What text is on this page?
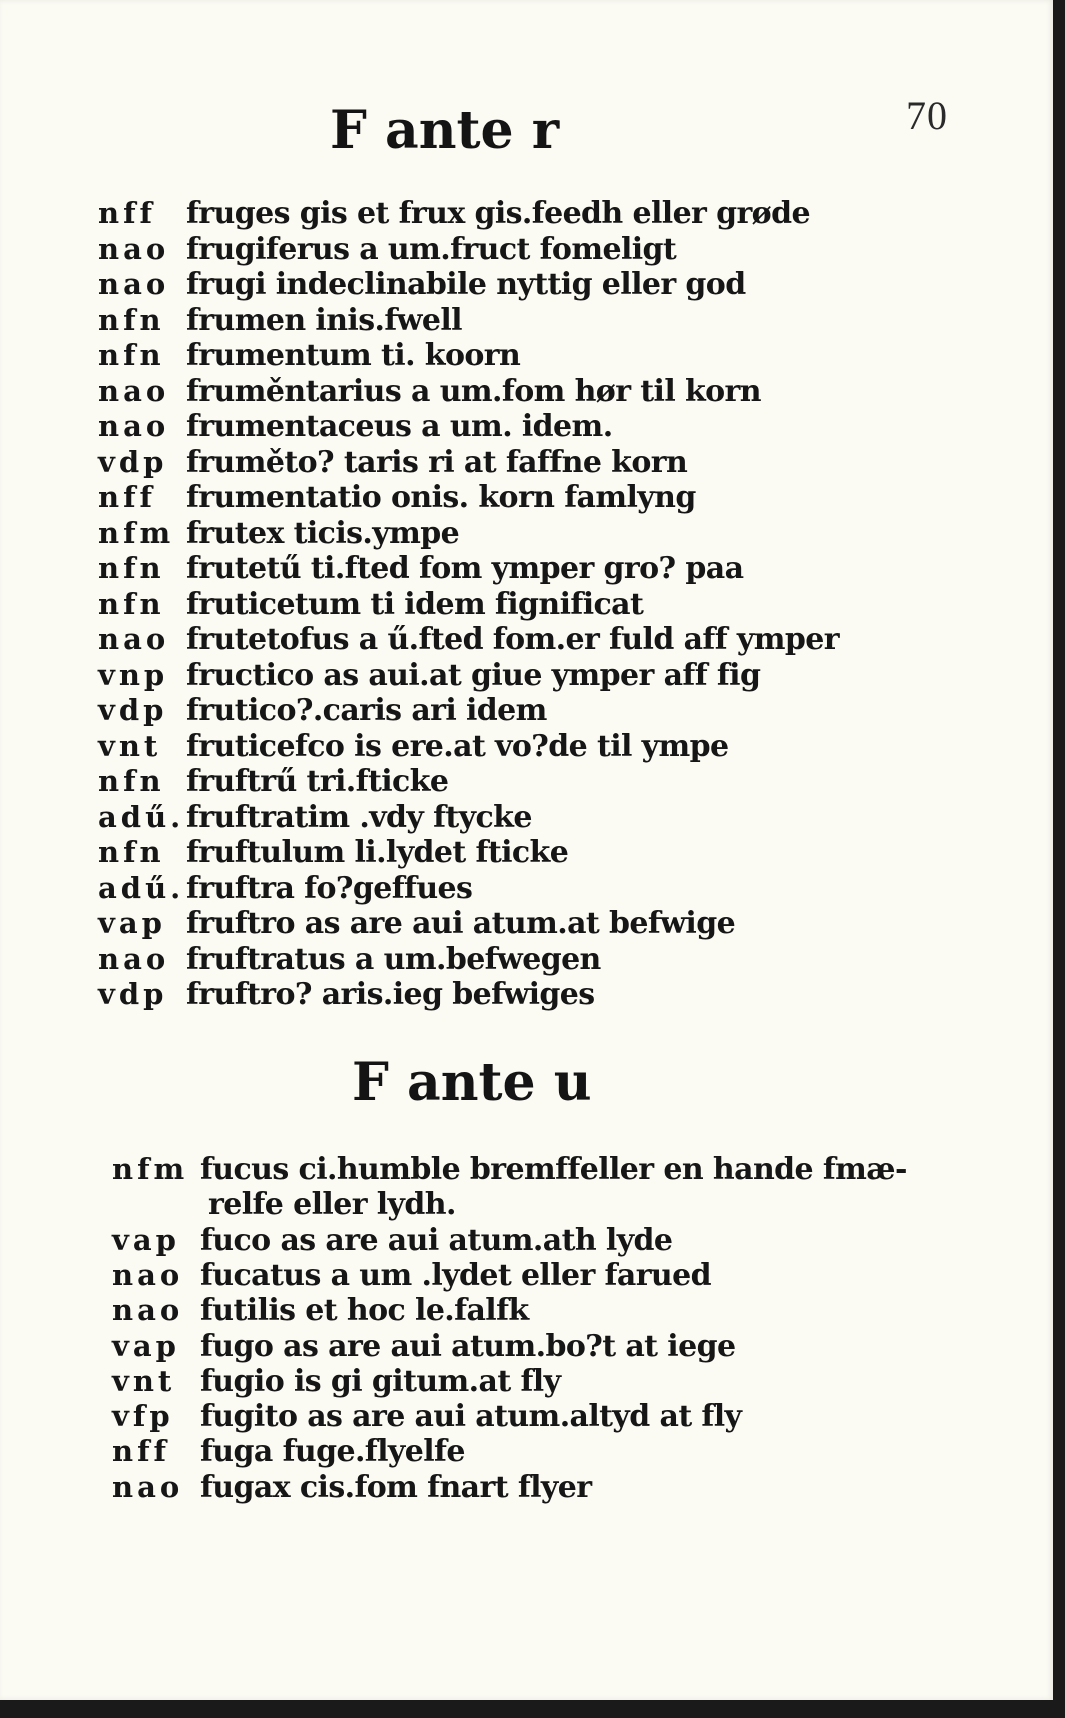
70
F ante r
F ante u
nff fruges gis et frux gis.feedh eller grøde
nao frugiferus a um.fruct fomeligt
nao frugi indeclinabile nyttig eller god
nfn frumen inis.fwell
nfn frumentum ti. koorn
nao fruměntarius a um.fom hør til korn
nao frumentaceus a um. idem.
vdp fruměto? taris ri at faffne korn
nff frumentatio onis. korn famlyng
nfm frutex ticis.ympe
nfn frutetű ti.fted fom ymper gro? paa
nfn fruticetum ti idem fignificat
nao frutetofus a ű.fted fom.er fuld aff ymper
vnp fructico as aui.at giue ymper aff fig
vdp frutico?.caris ari idem
vnt fruticefco is ere.at vo?de til ympe
nfn fruftrű tri.fticke
adű. fruftratim .vdy ftycke
nfn fruftulum li.lydet fticke
adű. fruftra fo?geffues
vap fruftro as are aui atum.at befwige
nao fruftratus a um.befwegen
vdp fruftro? aris.ieg befwiges
nfm fucus ci.humble bremffeller en hande fmæ-
relfe eller lydh.
vap fuco as are aui atum.ath lyde
nao fucatus a um .lydet eller farued
nao futilis et hoc le.falfk
vap fugo as are aui atum.bo?t at iege
vnt fugio is gi gitum.at fly
vfp fugito as are aui atum.altyd at fly
nff fuga fuge.flyelfe
nao fugax cis.fom fnart flyer
